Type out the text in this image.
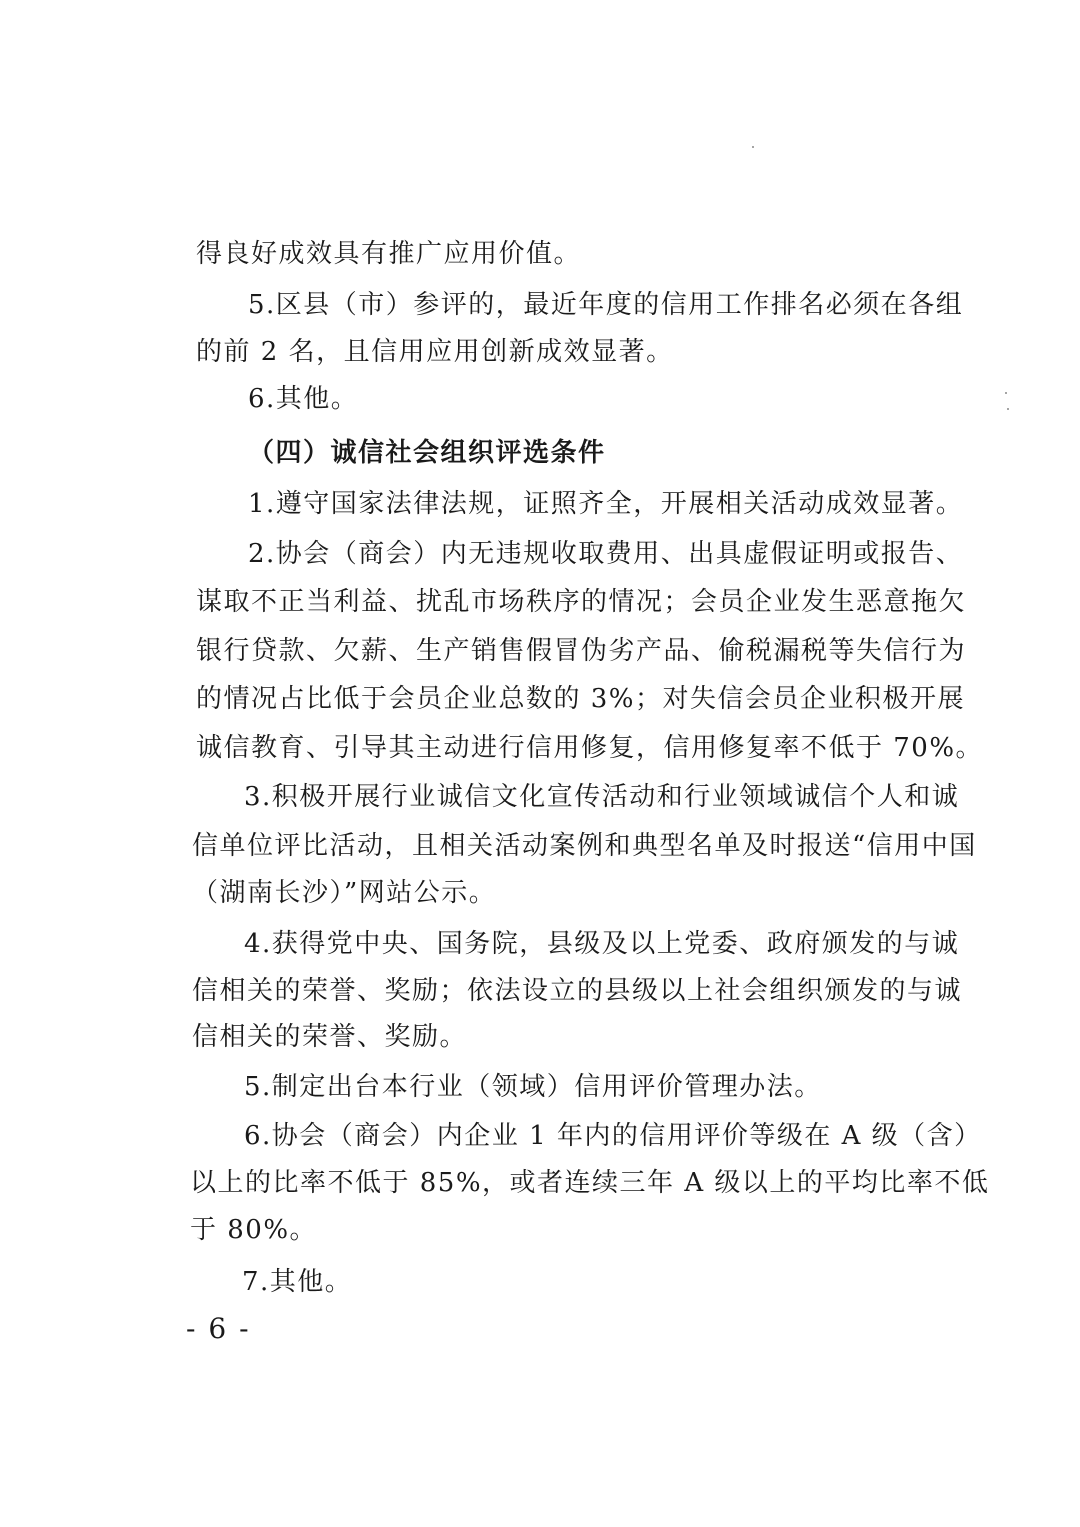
得良好成效具有推广应用价值。
5.区县（市）参评的，最近年度的信用工作排名必须在各组
的前 2 名，且信用应用创新成效显著。
6.其他。
（四）诚信社会组织评选条件
1.遵守国家法律法规，证照齐全，开展相关活动成效显著。
2.协会（商会）内无违规收取费用、出具虚假证明或报告、
谋取不正当利益、扰乱市场秩序的情况；会员企业发生恶意拖欠
银行贷款、欠薪、生产销售假冒伪劣产品、偷税漏税等失信行为
的情况占比低于会员企业总数的 3%；对失信会员企业积极开展
诚信教育、引导其主动进行信用修复，信用修复率不低于 70%。
3.积极开展行业诚信文化宣传活动和行业领域诚信个人和诚
信单位评比活动，且相关活动案例和典型名单及时报送“信用中国
（湖南长沙）”网站公示。
4.获得党中央、国务院，县级及以上党委、政府颁发的与诚
信相关的荣誉、奖励；依法设立的县级以上社会组织颁发的与诚
信相关的荣誉、奖励。
5.制定出台本行业（领域）信用评价管理办法。
6.协会（商会）内企业 1 年内的信用评价等级在 A 级（含）
以上的比率不低于 85%，或者连续三年 A 级以上的平均比率不低
于 80%。
7.其他。
- 6 -
